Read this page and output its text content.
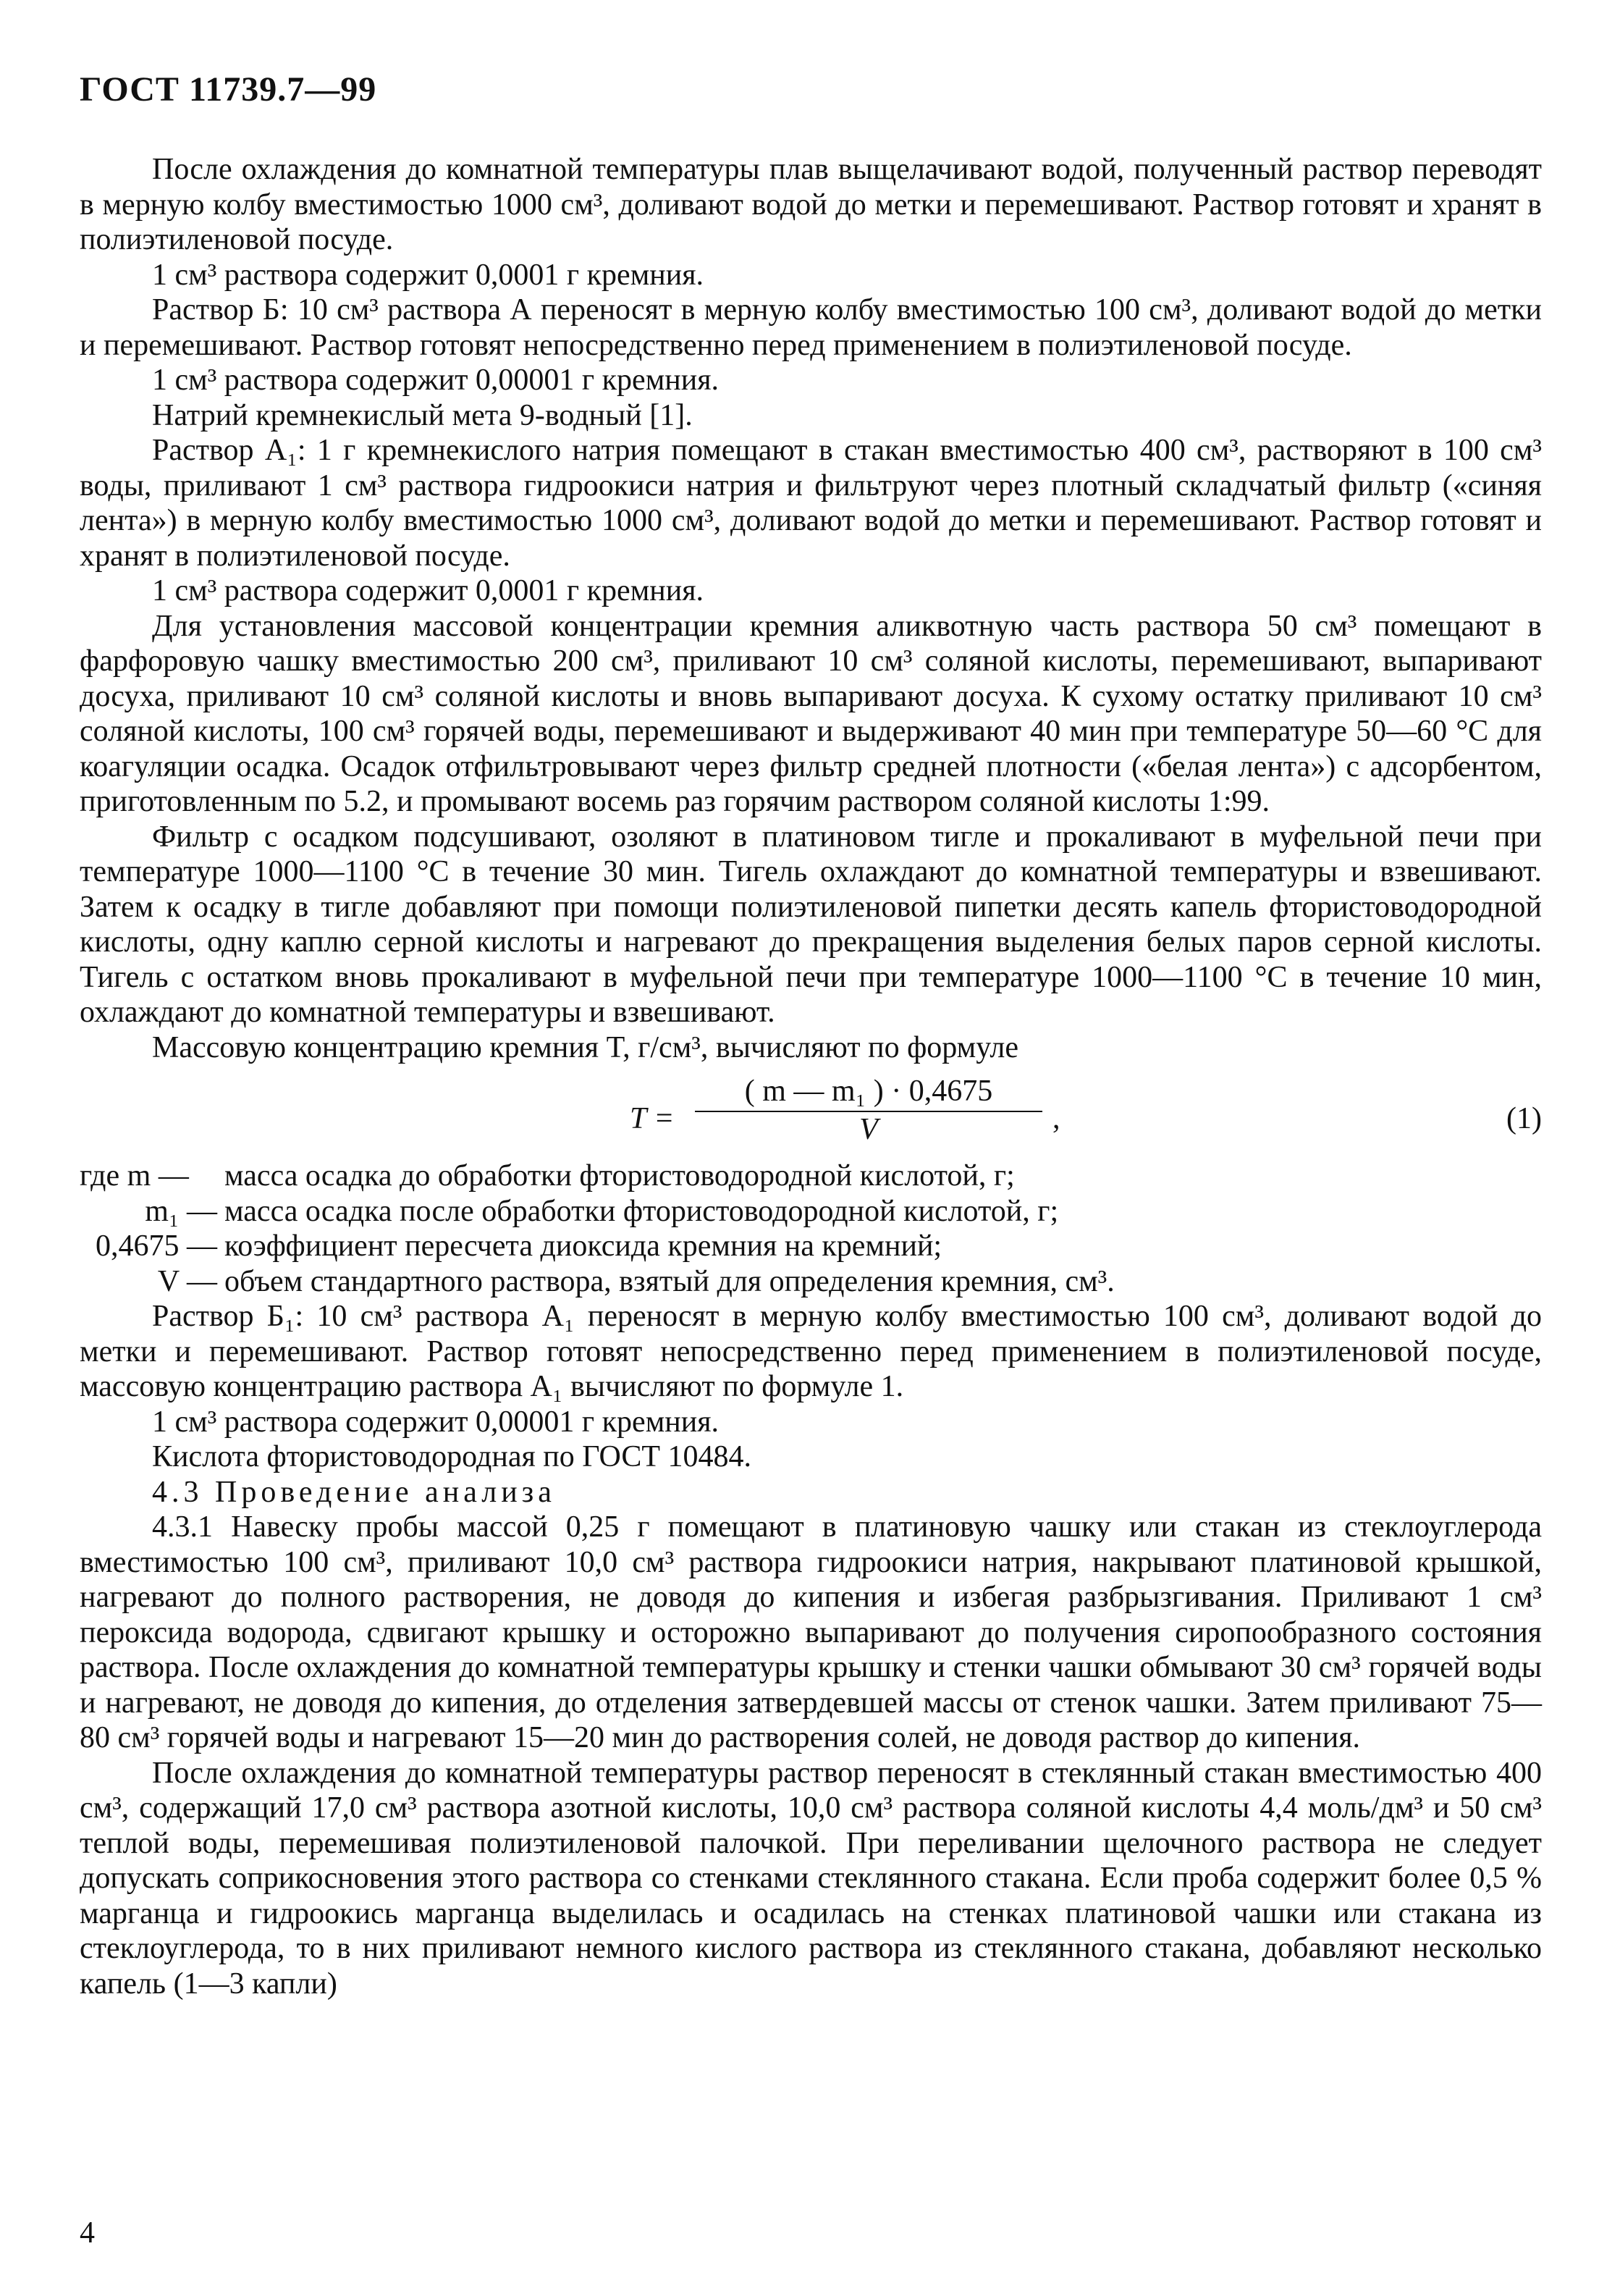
ГОСТ 11739.7—99

После охлаждения до комнатной температуры плав выщелачивают водой, полученный раствор переводят в мерную колбу вместимостью 1000 см³, доливают водой до метки и перемешивают. Раствор готовят и хранят в полиэтиленовой посуде.

1 см³ раствора содержит 0,0001 г кремния.

Раствор Б: 10 см³ раствора А переносят в мерную колбу вместимостью 100 см³, доливают водой до метки и перемешивают. Раствор готовят непосредственно перед применением в полиэтиленовой посуде.

1 см³ раствора содержит 0,00001 г кремния.

Натрий кремнекислый мета 9-водный [1].

Раствор А₁: 1 г кремнекислого натрия помещают в стакан вместимостью 400 см³, растворяют в 100 см³ воды, приливают 1 см³ раствора гидроокиси натрия и фильтруют через плотный складчатый фильтр («синяя лента») в мерную колбу вместимостью 1000 см³, доливают водой до метки и перемешивают. Раствор готовят и хранят в полиэтиленовой посуде.

1 см³ раствора содержит 0,0001 г кремния.

Для установления массовой концентрации кремния аликвотную часть раствора 50 см³ помещают в фарфоровую чашку вместимостью 200 см³, приливают 10 см³ соляной кислоты, перемешивают, выпаривают досуха, приливают 10 см³ соляной кислоты и вновь выпаривают досуха. К сухому остатку приливают 10 см³ соляной кислоты, 100 см³ горячей воды, перемешивают и выдерживают 40 мин при температуре 50—60 °С для коагуляции осадка. Осадок отфильтровывают через фильтр средней плотности («белая лента») с адсорбентом, приготовленным по 5.2, и промывают восемь раз горячим раствором соляной кислоты 1:99.

Фильтр с осадком подсушивают, озоляют в платиновом тигле и прокаливают в муфельной печи при температуре 1000—1100 °С в течение 30 мин. Тигель охлаждают до комнатной температуры и взвешивают. Затем к осадку в тигле добавляют при помощи полиэтиленовой пипетки десять капель фтористоводородной кислоты, одну каплю серной кислоты и нагревают до прекращения выделения белых паров серной кислоты. Тигель с остатком вновь прокаливают в муфельной печи при температуре 1000—1100 °С в течение 10 мин, охлаждают до комнатной температуры и взвешивают.

Массовую концентрацию кремния T, г/см³, вычисляют по формуле

T =
( m — m₁ ) · 0,4675
V	,	(1)
где m —	масса осадка до обработки фтористоводородной кислотой, г;
m₁ — масса осадка после обработки фтористоводородной кислотой, г;
0,4675 — коэффициент пересчета диоксида кремния на кремний;
V — объем стандартного раствора, взятый для определения кремния, см³.

Раствор Б₁: 10 см³ раствора А₁ переносят в мерную колбу вместимостью 100 см³, доливают водой до метки и перемешивают. Раствор готовят непосредственно перед применением в полиэтиленовой посуде, массовую концентрацию раствора А₁ вычисляют по формуле 1.

1 см³ раствора содержит 0,00001 г кремния.

Кислота фтористоводородная по ГОСТ 10484.

4.3 Проведение анализа

4.3.1 Навеску пробы массой 0,25 г помещают в платиновую чашку или стакан из стеклоуглерода вместимостью 100 см³, приливают 10,0 см³ раствора гидроокиси натрия, накрывают платиновой крышкой, нагревают до полного растворения, не доводя до кипения и избегая разбрызгивания. Приливают 1 см³ пероксида водорода, сдвигают крышку и осторожно выпаривают до получения сиропообразного состояния раствора. После охлаждения до комнатной температуры крышку и стенки чашки обмывают 30 см³ горячей воды и нагревают, не доводя до кипения, до отделения затвердевшей массы от стенок чашки. Затем приливают 75—80 см³ горячей воды и нагревают 15—20 мин до растворения солей, не доводя раствор до кипения.

После охлаждения до комнатной температуры раствор переносят в стеклянный стакан вместимостью 400 см³, содержащий 17,0 см³ раствора азотной кислоты, 10,0 см³ раствора соляной кислоты 4,4 моль/дм³ и 50 см³ теплой воды, перемешивая полиэтиленовой палочкой. При переливании щелочного раствора не следует допускать соприкосновения этого раствора со стенками стеклянного стакана. Если проба содержит более 0,5 % марганца и гидроокись марганца выделилась и осадилась на стенках платиновой чашки или стакана из стеклоуглерода, то в них приливают немного кислого раствора из стеклянного стакана, добавляют несколько капель (1—3 капли)

4
